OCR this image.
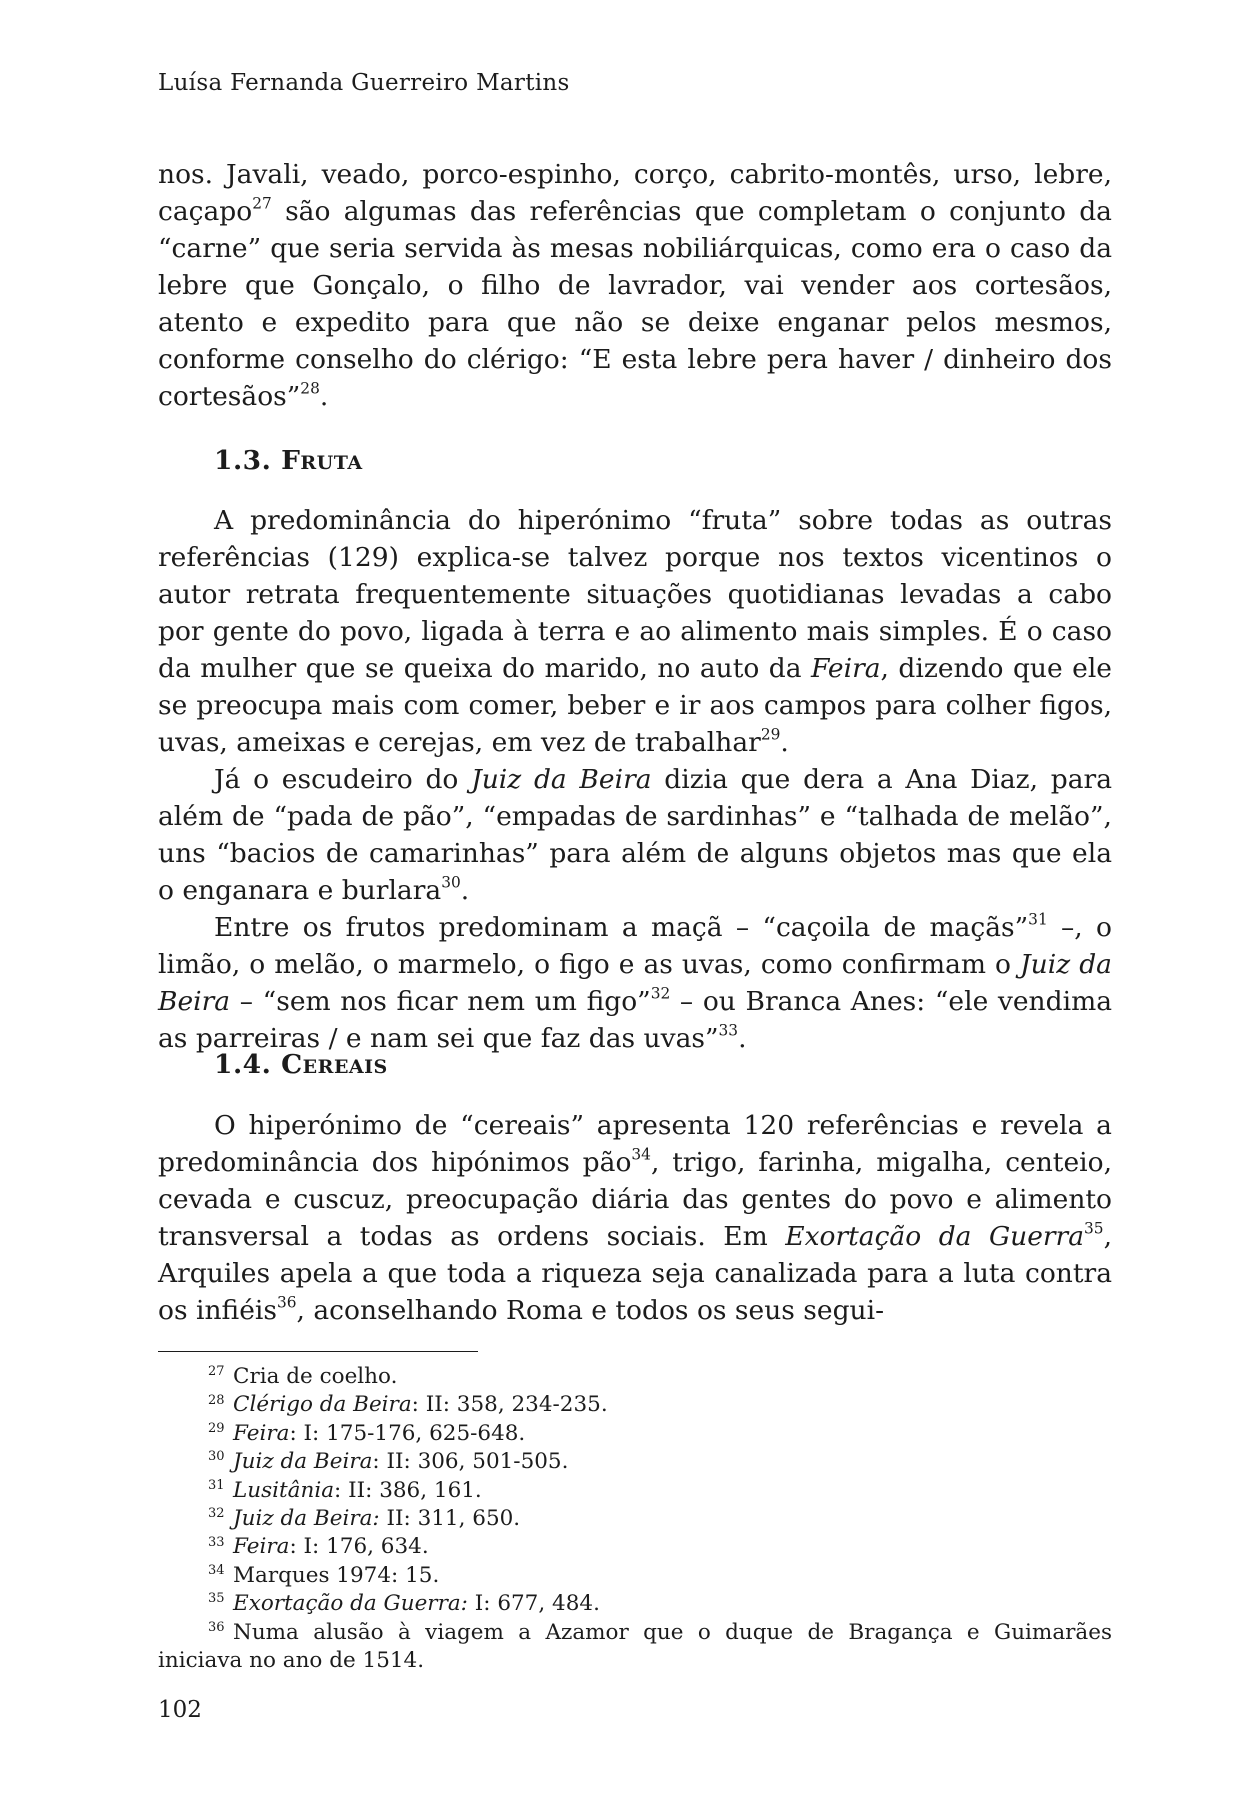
Luísa Fernanda Guerreiro Martins

nos. Javali, veado, porco-espinho, corço, cabrito-montês, urso, lebre, caçapo$^{27}$ são algumas das referências que completam o conjunto da “carne” que seria servida às mesas nobiliárquicas, como era o caso da lebre que Gonçalo, o filho de lavrador, vai vender aos cortesãos, atento e expedito para que não se deixe enganar pelos mesmos, conforme conselho do clérigo: “E esta lebre pera haver / dinheiro dos cortesãos”$^{28}$.

1.3. Fruta

A predominância do hiperónimo “fruta” sobre todas as outras referências (129) explica-se talvez porque nos textos vicentinos o autor retrata frequentemente situações quotidianas levadas a cabo por gente do povo, ligada à terra e ao alimento mais simples. É o caso da mulher que se queixa do marido, no auto da Feira, dizendo que ele se preocupa mais com comer, beber e ir aos campos para colher figos, uvas, ameixas e cerejas, em vez de trabalhar$^{29}$.

Já o escudeiro do Juiz da Beira dizia que dera a Ana Diaz, para além de “pada de pão”, “empadas de sardinhas” e “talhada de melão”, uns “bacios de camarinhas” para além de alguns objetos mas que ela o enganara e burlara$^{30}$.

Entre os frutos predominam a maçã – “caçoila de maçãs”$^{31}$ –, o limão, o melão, o marmelo, o figo e as uvas, como confirmam o Juiz da Beira – “sem nos ficar nem um figo”$^{32}$ – ou Branca Anes: “ele vendima as parreiras / e nam sei que faz das uvas”$^{33}$.

1.4. Cereais

O hiperónimo de “cereais” apresenta 120 referências e revela a predominância dos hipónimos pão$^{34}$, trigo, farinha, migalha, centeio, cevada e cuscuz, preocupação diária das gentes do povo e alimento transversal a todas as ordens sociais. Em Exortação da Guerra$^{35}$, Arquiles apela a que toda a riqueza seja canalizada para a luta contra os infiéis$^{36}$, aconselhando Roma e todos os seus segui-

27 Cria de coelho.
28 Clérigo da Beira: II: 358, 234-235.
29 Feira: I: 175-176, 625-648.
30 Juiz da Beira: II: 306, 501-505.
31 Lusitânia: II: 386, 161.
32 Juiz da Beira: II: 311, 650.
33 Feira: I: 176, 634.
34 Marques 1974: 15.
35 Exortação da Guerra: I: 677, 484.
36 Numa alusão à viagem a Azamor que o duque de Bragança e Guimarães iniciava no ano de 1514.
102
